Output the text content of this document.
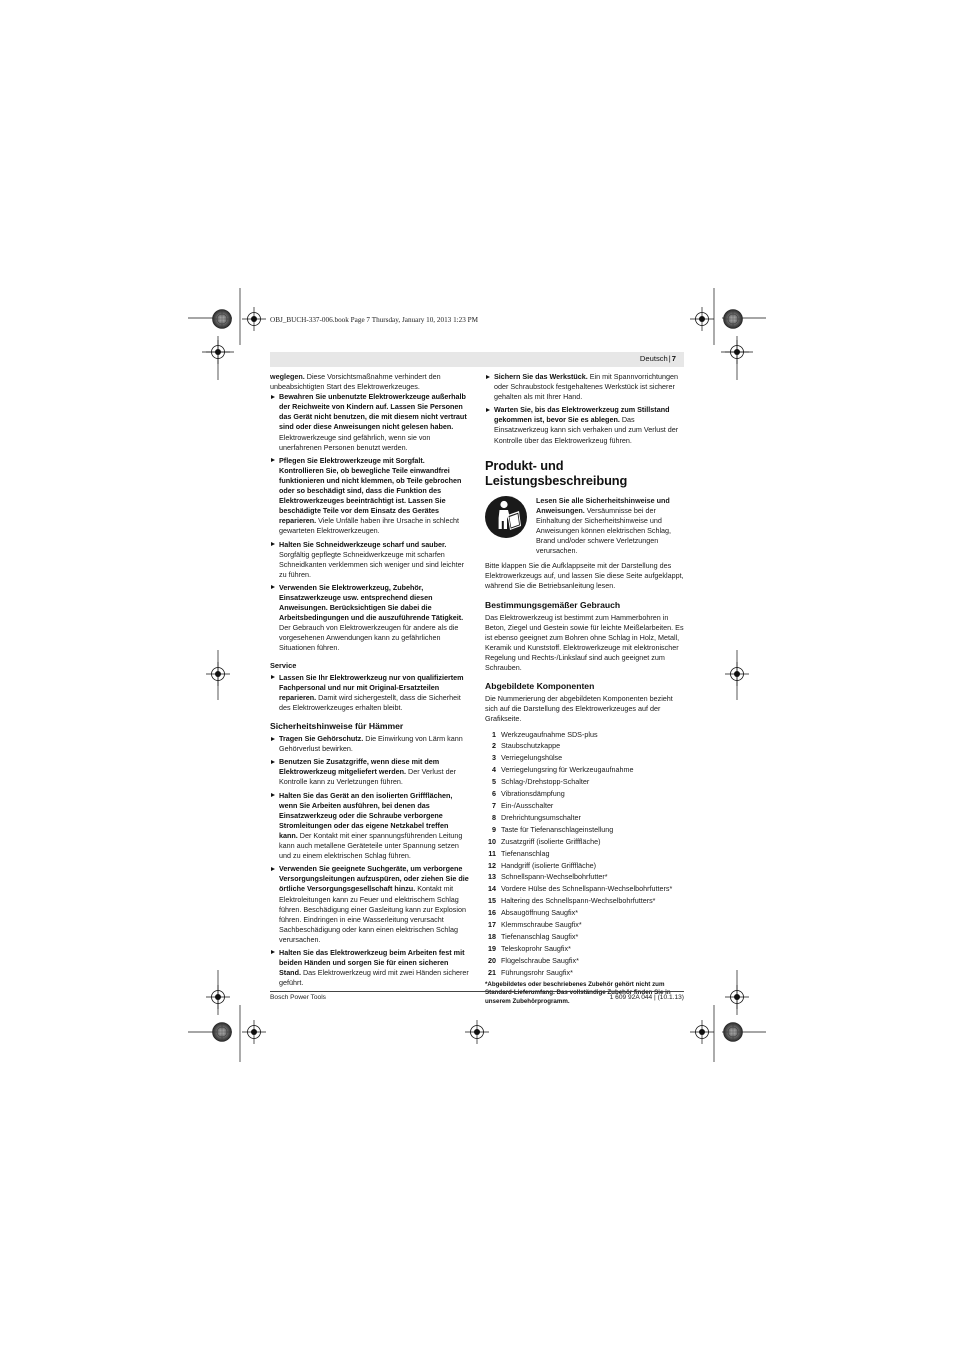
OBJ_BUCH-337-006.book Page 7 Thursday, January 10, 2013 1:23 PM
Deutsch|7

weglegen. Diese Vorsichtsmaßnahme verhindert den unbeabsichtigten Start des Elektrowerkzeuges.

Bewahren Sie unbenutzte Elektrowerkzeuge außerhalb der Reichweite von Kindern auf. Lassen Sie Personen das Gerät nicht benutzen, die mit diesem nicht vertraut sind oder diese Anweisungen nicht gelesen haben. Elektrowerkzeuge sind gefährlich, wenn sie von unerfahrenen Personen benutzt werden.
Pflegen Sie Elektrowerkzeuge mit Sorgfalt. Kontrollieren Sie, ob bewegliche Teile einwandfrei funktionieren und nicht klemmen, ob Teile gebrochen oder so beschädigt sind, dass die Funktion des Elektrowerkzeuges beeinträchtigt ist. Lassen Sie beschädigte Teile vor dem Einsatz des Gerätes reparieren. Viele Unfälle haben ihre Ursache in schlecht gewarteten Elektrowerkzeugen.
Halten Sie Schneidwerkzeuge scharf und sauber. Sorgfältig gepflegte Schneidwerkzeuge mit scharfen Schneidkanten verklemmen sich weniger und sind leichter zu führen.
Verwenden Sie Elektrowerkzeug, Zubehör, Einsatzwerkzeuge usw. entsprechend diesen Anweisungen. Berücksichtigen Sie dabei die Arbeitsbedingungen und die auszuführende Tätigkeit. Der Gebrauch von Elektrowerkzeugen für andere als die vorgesehenen Anwendungen kann zu gefährlichen Situationen führen.
Service
Lassen Sie Ihr Elektrowerkzeug nur von qualifiziertem Fachpersonal und nur mit Original-Ersatzteilen reparieren. Damit wird sichergestellt, dass die Sicherheit des Elektrowerkzeuges erhalten bleibt.
Sicherheitshinweise für Hämmer
Tragen Sie Gehörschutz. Die Einwirkung von Lärm kann Gehörverlust bewirken.
Benutzen Sie Zusatzgriffe, wenn diese mit dem Elektrowerkzeug mitgeliefert werden. Der Verlust der Kontrolle kann zu Verletzungen führen.
Halten Sie das Gerät an den isolierten Griffflächen, wenn Sie Arbeiten ausführen, bei denen das Einsatzwerkzeug oder die Schraube verborgene Stromleitungen oder das eigene Netzkabel treffen kann. Der Kontakt mit einer spannungsführenden Leitung kann auch metallene Geräteteile unter Spannung setzen und zu einem elektrischen Schlag führen.
Verwenden Sie geeignete Suchgeräte, um verborgene Versorgungsleitungen aufzuspüren, oder ziehen Sie die örtliche Versorgungsgesellschaft hinzu. Kontakt mit Elektroleitungen kann zu Feuer und elektrischem Schlag führen. Beschädigung einer Gasleitung kann zur Explosion führen. Eindringen in eine Wasserleitung verursacht Sachbeschädigung oder kann einen elektrischen Schlag verursachen.
Halten Sie das Elektrowerkzeug beim Arbeiten fest mit beiden Händen und sorgen Sie für einen sicheren Stand. Das Elektrowerkzeug wird mit zwei Händen sicherer geführt.
Sichern Sie das Werkstück. Ein mit Spannvorrichtungen oder Schraubstock festgehaltenes Werkstück ist sicherer gehalten als mit Ihrer Hand.
Warten Sie, bis das Elektrowerkzeug zum Stillstand gekommen ist, bevor Sie es ablegen. Das Einsatzwerkzeug kann sich verhaken und zum Verlust der Kontrolle über das Elektrowerkzeug führen.
Produkt- und Leistungsbeschreibung
Lesen Sie alle Sicherheitshinweise und Anweisungen. Versäumnisse bei der Einhaltung der Sicherheitshinweise und Anweisungen können elektrischen Schlag, Brand und/oder schwere Verletzungen verursachen.

Bitte klappen Sie die Aufklappseite mit der Darstellung des Elektrowerkzeugs auf, und lassen Sie diese Seite aufgeklappt, während Sie die Betriebsanleitung lesen.

Bestimmungsgemäßer Gebrauch

Das Elektrowerkzeug ist bestimmt zum Hammerbohren in Beton, Ziegel und Gestein sowie für leichte Meißelarbeiten. Es ist ebenso geeignet zum Bohren ohne Schlag in Holz, Metall, Keramik und Kunststoff. Elektrowerkzeuge mit elektronischer Regelung und Rechts-/Linkslauf sind auch geeignet zum Schrauben.

Abgebildete Komponenten

Die Nummerierung der abgebildeten Komponenten bezieht sich auf die Darstellung des Elektrowerkzeuges auf der Grafikseite.

1 Werkzeugaufnahme SDS-plus
2 Staubschutzkappe
3 Verriegelungshülse
4 Verriegelungsring für Werkzeugaufnahme
5 Schlag-/Drehstopp-Schalter
6 Vibrationsdämpfung
7 Ein-/Ausschalter
8 Drehrichtungsumschalter
9 Taste für Tiefenanschlageinstellung
10 Zusatzgriff (isolierte Grifffläche)
11 Tiefenanschlag
12 Handgriff (isolierte Grifffläche)
13 Schnellspann-Wechselbohrfutter*
14 Vordere Hülse des Schnellspann-Wechselbohrfutters*
15 Haltering des Schnellspann-Wechselbohrfutters*
16 Absaugöffnung Saugfix*
17 Klemmschraube Saugfix*
18 Tiefenanschlag Saugfix*
19 Teleskoprohr Saugfix*
20 Flügelschraube Saugfix*
21 Führungsrohr Saugfix*
*Abgebildetes oder beschriebenes Zubehör gehört nicht zum Standard-Lieferumfang. Das vollständige Zubehör finden Sie in unserem Zubehörprogramm.
Bosch Power Tools	1 609 92A 044 | (10.1.13)
